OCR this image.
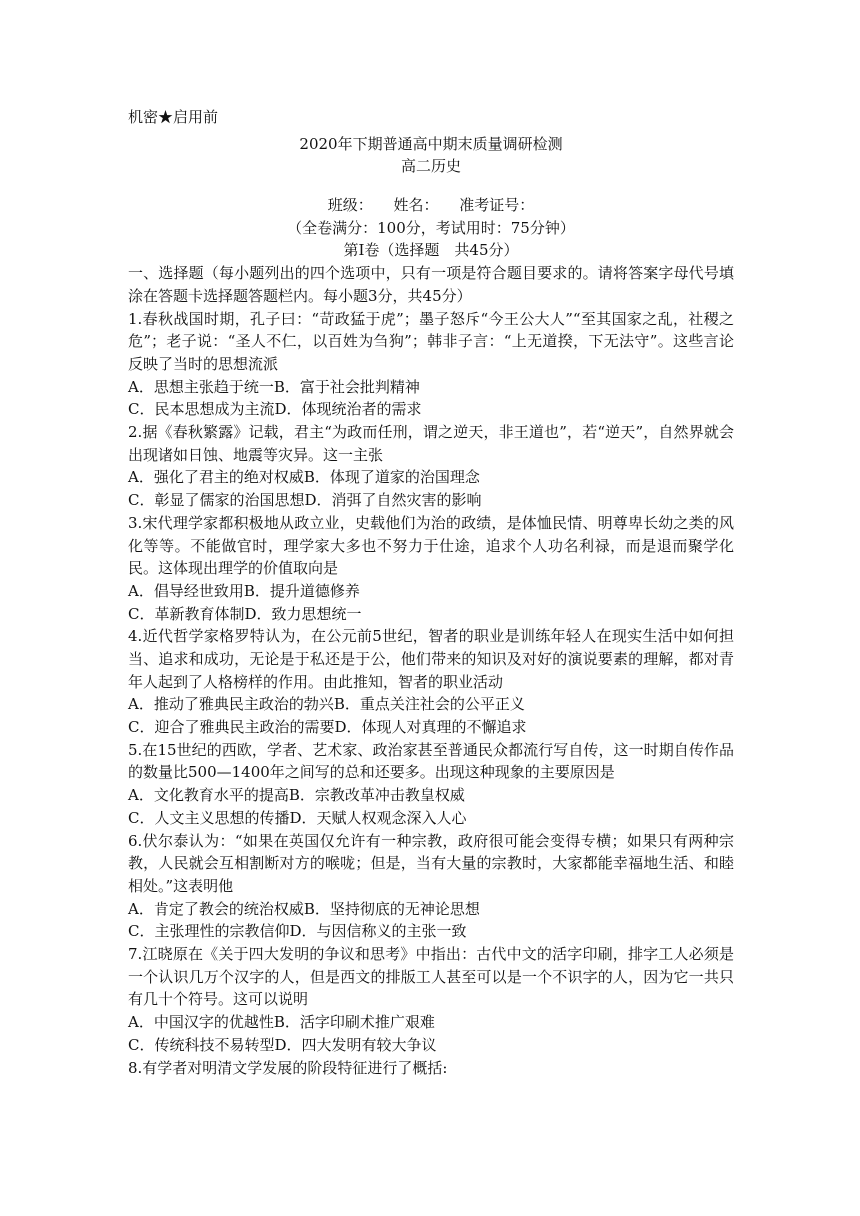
机密★启用前
2020年下期普通高中期末质量调研检测
高二历史
班级： 姓名： 准考证号：
（全卷满分：100分，考试用时：75分钟）
第Ⅰ卷（选择题　共45分）
一、选择题（每小题列出的四个选项中，只有一项是符合题目要求的。请将答案字母代号填涂在答题卡选择题答题栏内。每小题3分，共45分）
1.春秋战国时期，孔子曰：“苛政猛于虎”；墨子怒斥“今王公大人”“至其国家之乱，社稷之危”；老子说：“圣人不仁，以百姓为刍狗”；韩非子言：“上无道揆，下无法守”。这些言论反映了当时的思想流派
A．思想主张趋于统一B．富于社会批判精神
C．民本思想成为主流D．体现统治者的需求
2.据《春秋繁露》记载，君主“为政而任刑，谓之逆天，非王道也”，若“逆天”，自然界就会出现诸如日蚀、地震等灾异。这一主张
A．强化了君主的绝对权威B．体现了道家的治国理念
C．彰显了儒家的治国思想D．消弭了自然灾害的影响
3.宋代理学家都积极地从政立业，史载他们为治的政绩，是体恤民情、明尊卑长幼之类的风化等等。不能做官时，理学家大多也不努力于仕途，追求个人功名利禄，而是退而聚学化民。这体现出理学的价值取向是
A．倡导经世致用B．提升道德修养
C．革新教育体制D．致力思想统一
4.近代哲学家格罗特认为，在公元前5世纪，智者的职业是训练年轻人在现实生活中如何担当、追求和成功，无论是于私还是于公，他们带来的知识及对好的演说要素的理解，都对青年人起到了人格榜样的作用。由此推知，智者的职业活动
A．推动了雅典民主政治的勃兴B．重点关注社会的公平正义
C．迎合了雅典民主政治的需要D．体现人对真理的不懈追求
5.在15世纪的西欧，学者、艺术家、政治家甚至普通民众都流行写自传，这一时期自传作品的数量比500—1400年之间写的总和还要多。出现这种现象的主要原因是
A．文化教育水平的提高B．宗教改革冲击教皇权威
C．人文主义思想的传播D．天赋人权观念深入人心
6.伏尔泰认为：“如果在英国仅允许有一种宗教，政府很可能会变得专横；如果只有两种宗教，人民就会互相割断对方的喉咙；但是，当有大量的宗教时，大家都能幸福地生活、和睦相处。”这表明他
A．肯定了教会的统治权威B．坚持彻底的无神论思想
C．主张理性的宗教信仰D．与因信称义的主张一致
7.江晓原在《关于四大发明的争议和思考》中指出：古代中文的活字印刷，排字工人必须是一个认识几万个汉字的人，但是西文的排版工人甚至可以是一个不识字的人，因为它一共只有几十个符号。这可以说明
A．中国汉字的优越性B．活字印刷术推广艰难
C．传统科技不易转型D．四大发明有较大争议
8.有学者对明清文学发展的阶段特征进行了概括:
